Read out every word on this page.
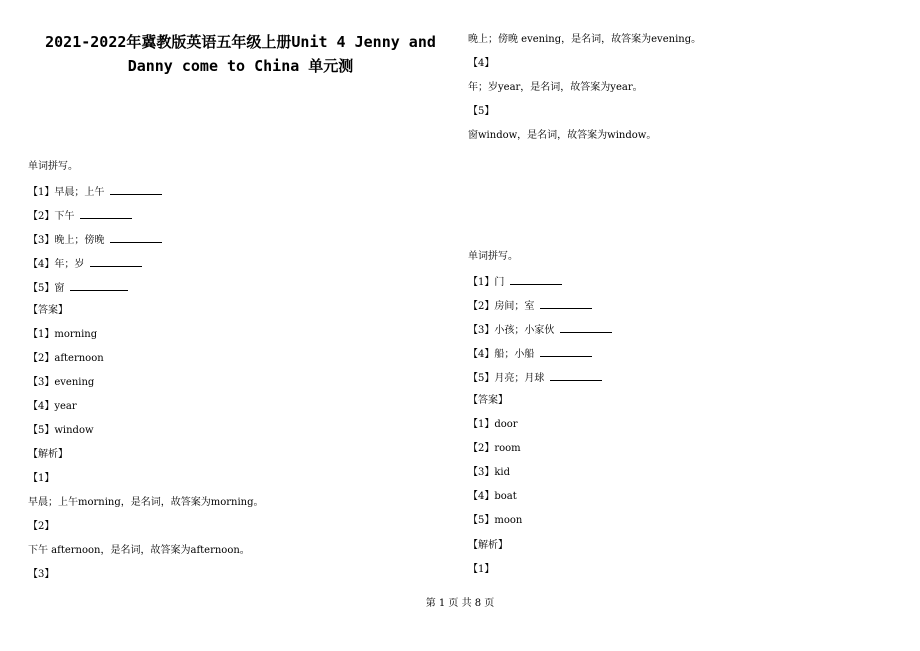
2021-2022年冀教版英语五年级上册Unit 4 Jenny and Danny come to China 单元测
单词拼写。
【1】早晨；上午
【2】下午
【3】晚上；傍晚
【4】年；岁
【5】窗
【答案】
【1】morning
【2】afternoon
【3】evening
【4】year
【5】window
【解析】
【1】
早晨；上午morning，是名词，故答案为morning。
【2】
下午 afternoon，是名词，故答案为afternoon。
【3】
晚上；傍晚 evening，是名词，故答案为evening。
【4】
年；岁year，是名词，故答案为year。
【5】
窗window，是名词，故答案为window。
单词拼写。
【1】门
【2】房间；室
【3】小孩；小家伙
【4】船；小船
【5】月亮；月球
【答案】
【1】door
【2】room
【3】kid
【4】boat
【5】moon
【解析】
【1】
第 1 页 共 8 页
